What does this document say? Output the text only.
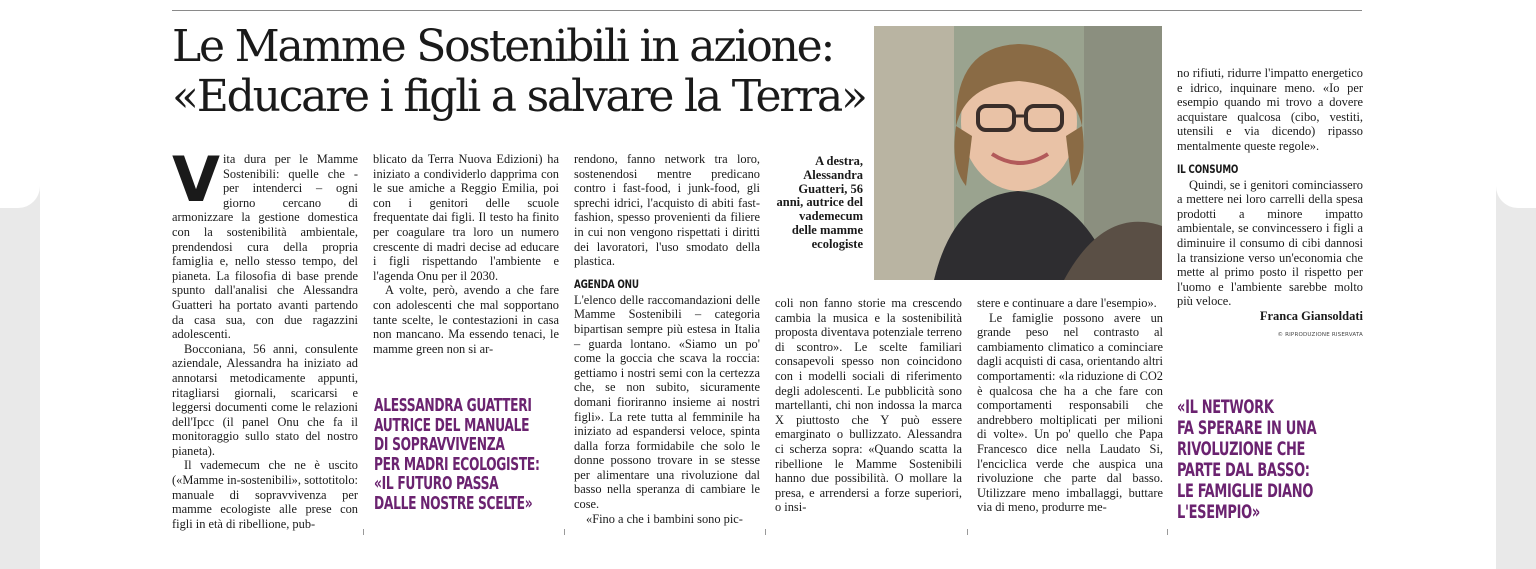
Le Mamme Sostenibili in azione:
«Educare i figli a salvare la Terra»

Vita dura per le Mamme Sostenibili: quelle che - per intenderci – ogni giorno cercano di armonizzare la gestione domestica con la sostenibilità ambientale, prendendosi cura della propria famiglia e, nello stesso tempo, del pianeta. La filosofia di base prende spunto dall'analisi che Alessandra Guatteri ha portato avanti partendo da casa sua, con due ragazzini adolescenti.

Bocconiana, 56 anni, consulente aziendale, Alessandra ha iniziato ad annotarsi metodicamente appunti, ritagliarsi giornali, scaricarsi e leggersi documenti come le relazioni dell'Ipcc (il panel Onu che fa il monitoraggio sullo stato del nostro pianeta).

Il vademecum che ne è uscito («Mamme in-sostenibili», sottotitolo: manuale di sopravvivenza per mamme ecologiste alle prese con figli in età di ribellione, pub-

blicato da Terra Nuova Edizioni) ha iniziato a condividerlo dapprima con le sue amiche a Reggio Emilia, poi con i genitori delle scuole frequentate dai figli. Il testo ha finito per coagulare tra loro un numero crescente di madri decise ad educare i figli rispettando l'ambiente e l'agenda Onu per il 2030.

A volte, però, avendo a che fare con adolescenti che mal sopportano tante scelte, le contestazioni in casa non mancano. Ma essendo tenaci, le mamme green non si ar-

ALESSANDRA GUATTERI
AUTRICE DEL MANUALE
DI SOPRAVVIVENZA
PER MADRI ECOLOGISTE:
«IL FUTURO PASSA
DALLE NOSTRE SCELTE»

rendono, fanno network tra loro, sostenendosi mentre predicano contro i fast-food, i junk-food, gli sprechi idrici, l'acquisto di abiti fast-fashion, spesso provenienti da filiere in cui non vengono rispettati i diritti dei lavoratori, l'uso smodato della plastica.

AGENDA ONU

L'elenco delle raccomandazioni delle Mamme Sostenibili – categoria bipartisan sempre più estesa in Italia – guarda lontano. «Siamo un po' come la goccia che scava la roccia: gettiamo i nostri semi con la certezza che, se non subito, sicuramente domani fioriranno insieme ai nostri figli». La rete tutta al femminile ha iniziato ad espandersi veloce, spinta dalla forza formidabile che solo le donne possono trovare in se stesse per alimentare una rivoluzione dal basso nella speranza di cambiare le cose.

«Fino a che i bambini sono pic-

A destra, Alessandra Guatteri, 56 anni, autrice del vademecum delle mamme ecologiste

coli non fanno storie ma crescendo cambia la musica e la sostenibilità proposta diventava potenziale terreno di scontro». Le scelte familiari consapevoli spesso non coincidono con i modelli sociali di riferimento degli adolescenti. Le pubblicità sono martellanti, chi non indossa la marca X piuttosto che Y può essere emarginato o bullizzato. Alessandra ci scherza sopra: «Quando scatta la ribellione le Mamme Sostenibili hanno due possibilità. O mollare la presa, e arrendersi a forze superiori, o insi-

stere e continuare a dare l'esempio».

Le famiglie possono avere un grande peso nel contrasto al cambiamento climatico a cominciare dagli acquisti di casa, orientando altri comportamenti: «la riduzione di CO2 è qualcosa che ha a che fare con comportamenti responsabili che andrebbero moltiplicati per milioni di volte». Un po' quello che Papa Francesco dice nella Laudato Si, l'enciclica verde che auspica una rivoluzione che parte dal basso. Utilizzare meno imballaggi, buttare via di meno, produrre me-

no rifiuti, ridurre l'impatto energetico e idrico, inquinare meno. «Io per esempio quando mi trovo a dovere acquistare qualcosa (cibo, vestiti, utensili e via dicendo) ripasso mentalmente queste regole».

IL CONSUMO

Quindi, se i genitori cominciassero a mettere nei loro carrelli della spesa prodotti a minore impatto ambientale, se convincessero i figli a diminuire il consumo di cibi dannosi la transizione verso un'economia che mette al primo posto il rispetto per l'uomo e l'ambiente sarebbe molto più veloce.

Franca Giansoldati
© RIPRODUZIONE RISERVATA
«IL NETWORK
FA SPERARE IN UNA
RIVOLUZIONE CHE
PARTE DAL BASSO:
LE FAMIGLIE DIANO
L'ESEMPIO»
